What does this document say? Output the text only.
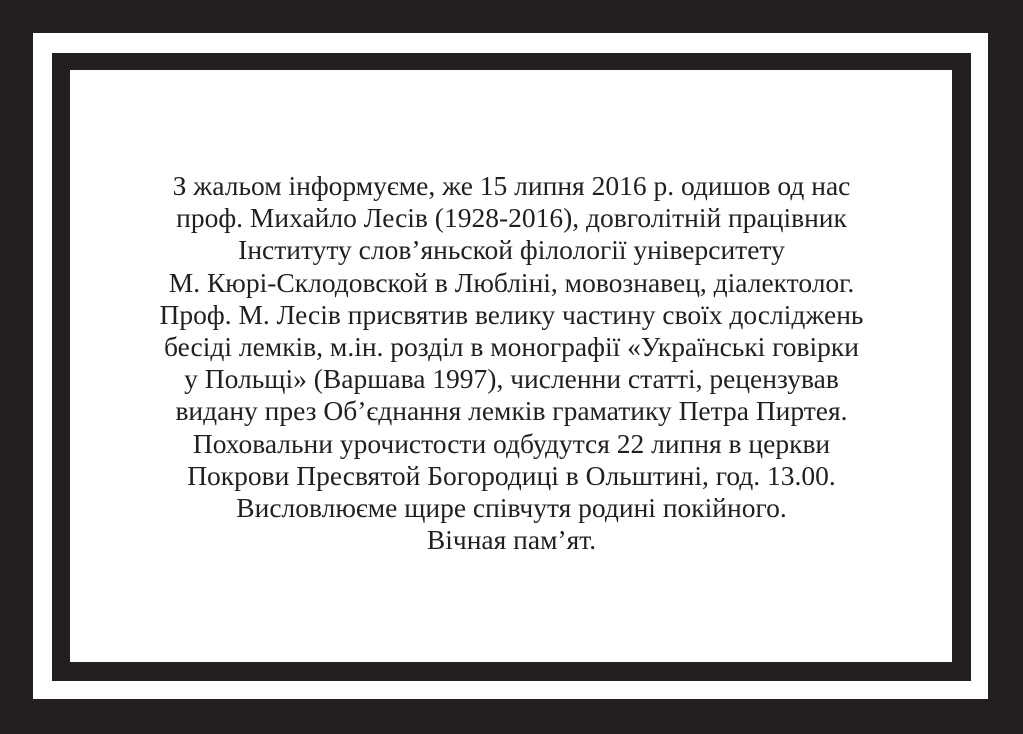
З жальом інформуєме, же 15 липня 2016 р. одишов од нас
проф. Михайло Лесів (1928-2016), довголітній працівник
Інституту слов’яньской філології університету
М. Кюрі-Склодовской в Любліні, мовознавец, діалектолог.
Проф. М. Лесів присвятив велику частину своїх досліджень
бесіді лемків, м.ін. розділ в монографії «Українські говірки
у Польщі» (Варшава 1997), численни статті, рецензував
видану през Об’єднання лемків граматику Петра Пиртея.
Поховальни урочистости одбудутся 22 липня в церкви
Покрови Пресвятой Богородиці в Ольштині, год. 13.00.
Висловлюєме щире співчутя родині покійного.
Вічная пам’ят.
